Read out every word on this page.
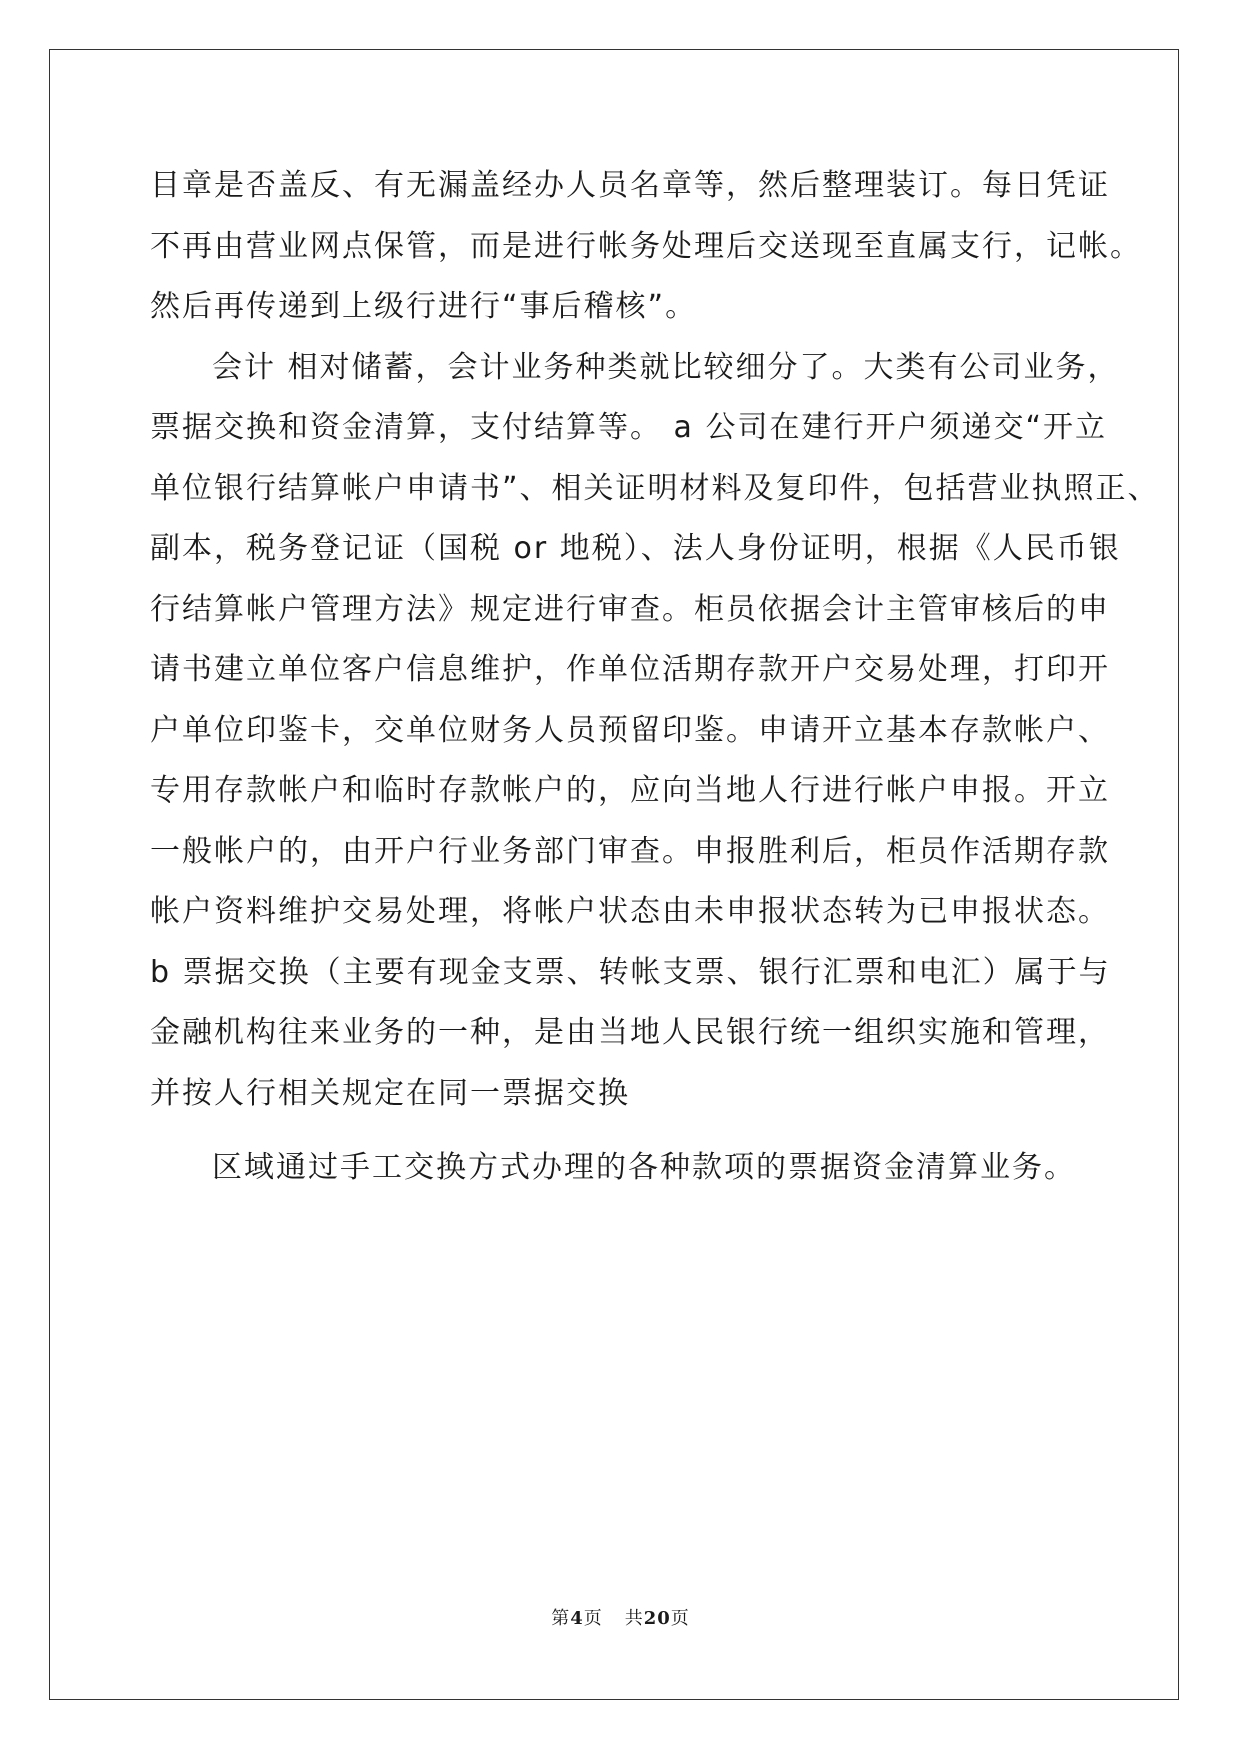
目章是否盖反、有无漏盖经办人员名章等，然后整理装订。每日凭证
不再由营业网点保管，而是进行帐务处理后交送现至直属支行，记帐。
然后再传递到上级行进行“事后稽核”。
会计 相对储蓄，会计业务种类就比较细分了。大类有公司业务，
票据交换和资金清算，支付结算等。 a 公司在建行开户须递交“开立
单位银行结算帐户申请书”、相关证明材料及复印件，包括营业执照正、
副本，税务登记证（国税 or 地税）、法人身份证明，根据《人民币银
行结算帐户管理方法》规定进行审查。柜员依据会计主管审核后的申
请书建立单位客户信息维护，作单位活期存款开户交易处理，打印开
户单位印鉴卡，交单位财务人员预留印鉴。申请开立基本存款帐户、
专用存款帐户和临时存款帐户的，应向当地人行进行帐户申报。开立
一般帐户的，由开户行业务部门审查。申报胜利后，柜员作活期存款
帐户资料维护交易处理，将帐户状态由未申报状态转为已申报状态。
b 票据交换（主要有现金支票、转帐支票、银行汇票和电汇）属于与
金融机构往来业务的一种，是由当地人民银行统一组织实施和管理，
并按人行相关规定在同一票据交换
区域通过手工交换方式办理的各种款项的票据资金清算业务。
第4页 共20页
